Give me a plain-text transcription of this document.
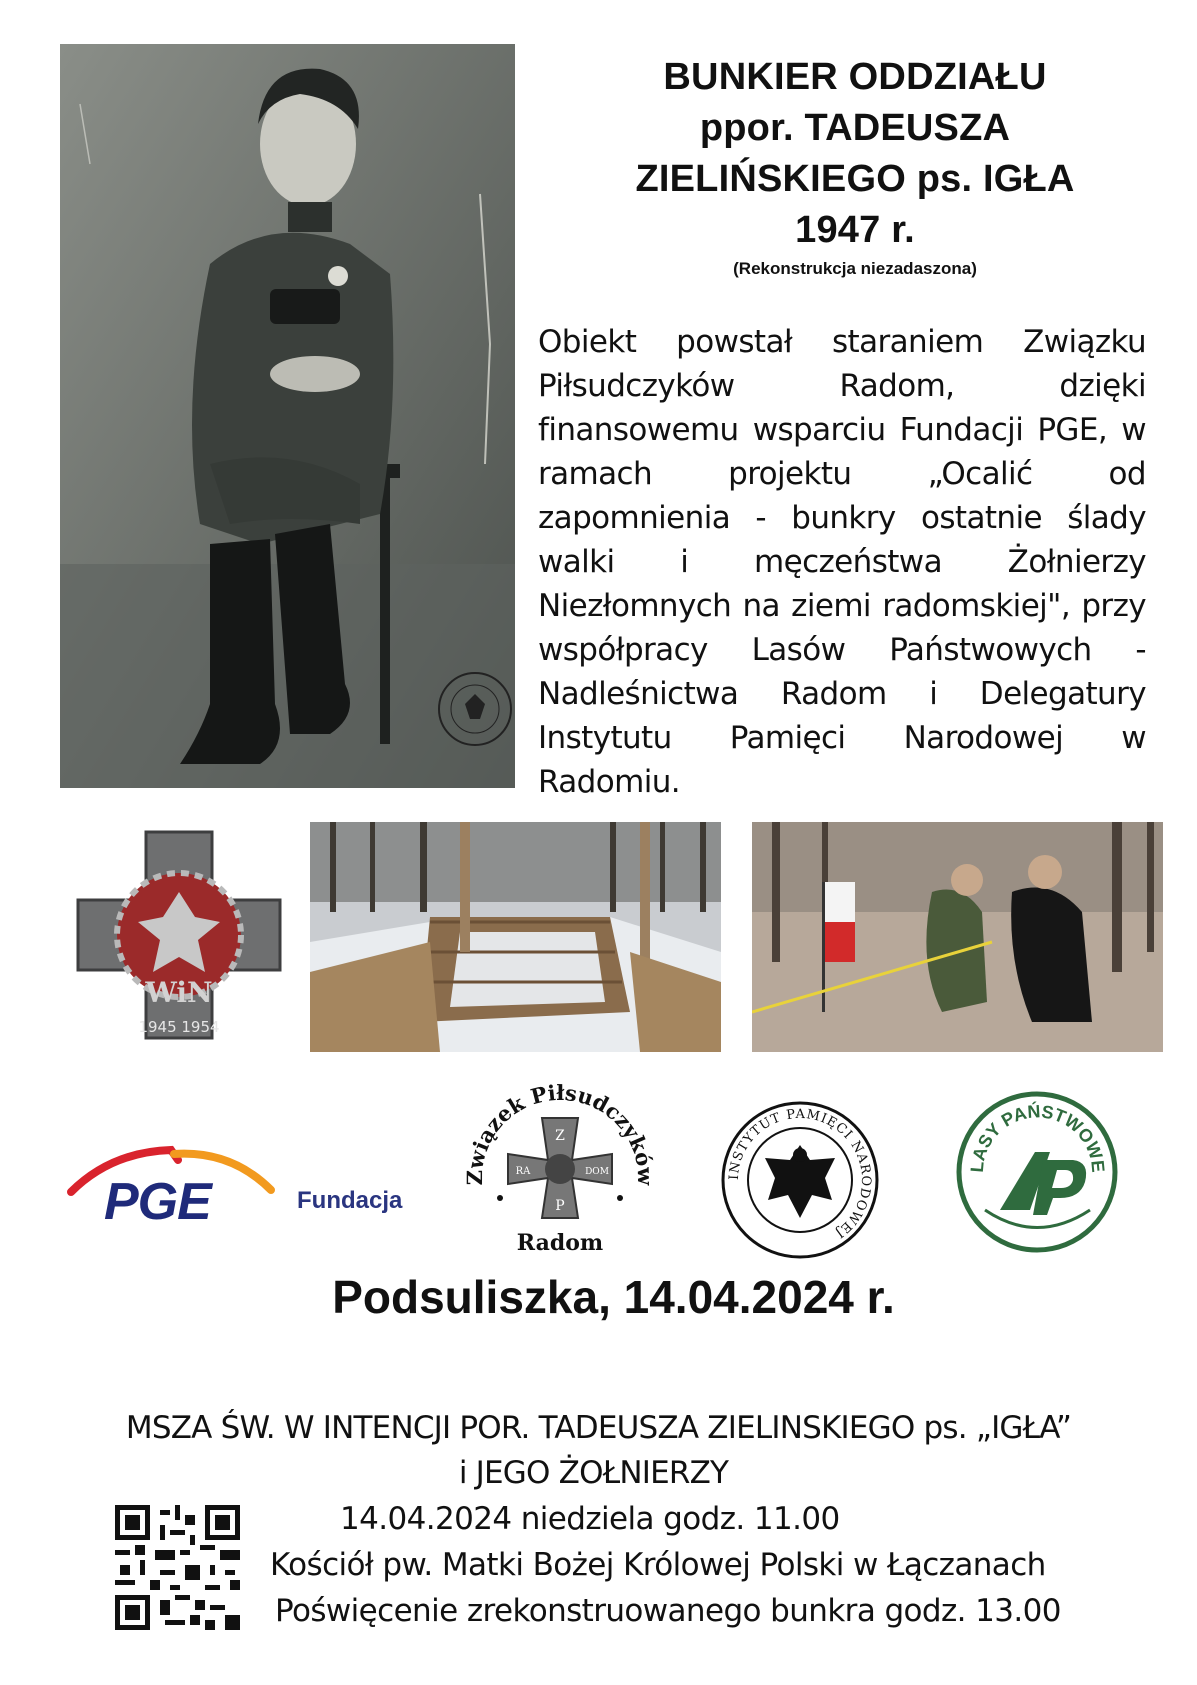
BUNKIER ODDZIAŁU
ppor. TADEUSZA
ZIELIŃSKIEGO ps. IGŁA
1947 r.
(Rekonstrukcja niezadaszona)
Obiekt powstał staraniem Związku Piłsudczyków Radom, dzięki finansowemu wsparciu Fundacji PGE, w ramach projektu „Ocalić od zapomnienia - bunkry ostatnie ślady walki i męczeństwa Żołnierzy Niezłomnych na ziemi radomskiej", przy współpracy Lasów Państwowych - Nadleśnictwa Radom i Delegatury Instytutu Pamięci Narodowej w Radomiu.
WiN
1945 1954
PGE	Fundacja
Związek Piłsudczyków
Z
P
RA	DOM
Radom
INSTYTUT PAMIĘCI NARODOWEJ
LASY PAŃSTWOWE
Podsuliszka, 14.04.2024 r.
MSZA ŚW. W INTENCJI POR. TADEUSZA ZIELINSKIEGO ps. „IGŁA”
i JEGO ŻOŁNIERZY
14.04.2024 niedziela godz. 11.00
Kościół pw. Matki Bożej Królowej Polski w Łączanach
Poświęcenie zrekonstruowanego bunkra godz. 13.00
